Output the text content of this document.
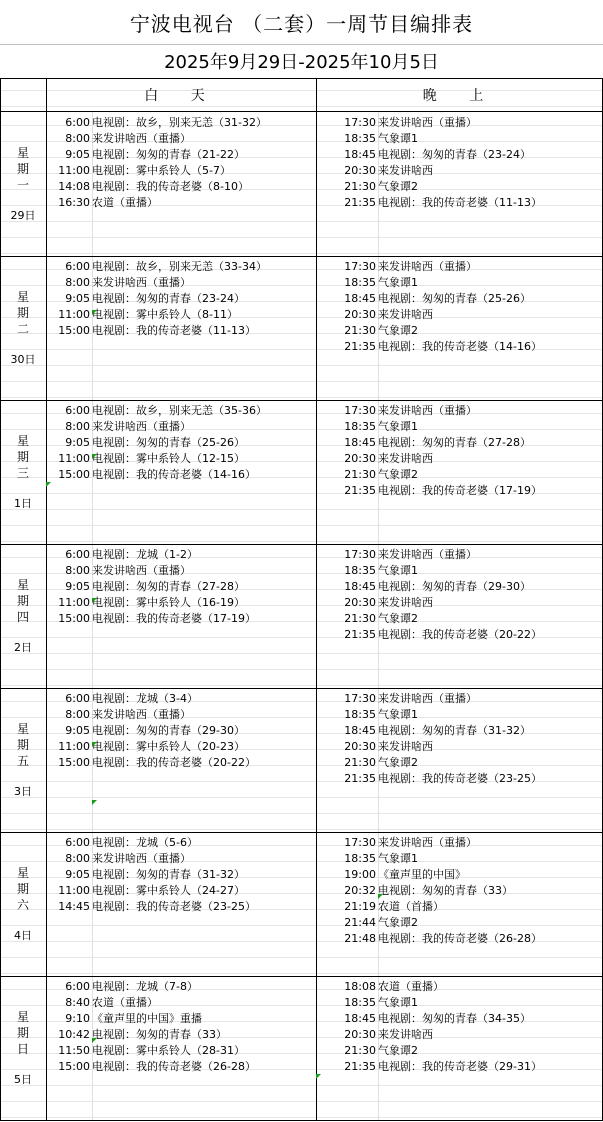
宁波电视台 （二套）一周节目编排表
2025年9月29日-2025年10月5日
白 天	晚 上
星
期
一
29日
6:00 电视剧：故乡，别来无恙（31-32）
8:00 来发讲啥西（重播）
9:05 电视剧：匆匆的青春（21-22）
11:00 电视剧：雾中系铃人（5-7）
14:08 电视剧：我的传奇老婆（8-10）
16:30 农道（重播）
17:30 来发讲啥西（重播）
18:35 气象谭1
18:45 电视剧：匆匆的青春（23-24）
20:30 来发讲啥西
21:30 气象谭2
21:35 电视剧：我的传奇老婆（11-13）
星
期
二
30日
6:00 电视剧：故乡，别来无恙（33-34）
8:00 来发讲啥西（重播）
9:05 电视剧：匆匆的青春（23-24）
11:00 电视剧：雾中系铃人（8-11）
15:00 电视剧：我的传奇老婆（11-13）
17:30 来发讲啥西（重播）
18:35 气象谭1
18:45 电视剧：匆匆的青春（25-26）
20:30 来发讲啥西
21:30 气象谭2
21:35 电视剧：我的传奇老婆（14-16）
星
期
三
1日
6:00 电视剧：故乡，别来无恙（35-36）
8:00 来发讲啥西（重播）
9:05 电视剧：匆匆的青春（25-26）
11:00 电视剧：雾中系铃人（12-15）
15:00 电视剧：我的传奇老婆（14-16）
17:30 来发讲啥西（重播）
18:35 气象谭1
18:45 电视剧：匆匆的青春（27-28）
20:30 来发讲啥西
21:30 气象谭2
21:35 电视剧：我的传奇老婆（17-19）
星
期
四
2日
6:00 电视剧：龙城（1-2）
8:00 来发讲啥西（重播）
9:05 电视剧：匆匆的青春（27-28）
11:00 电视剧：雾中系铃人（16-19）
15:00 电视剧：我的传奇老婆（17-19）
17:30 来发讲啥西（重播）
18:35 气象谭1
18:45 电视剧：匆匆的青春（29-30）
20:30 来发讲啥西
21:30 气象谭2
21:35 电视剧：我的传奇老婆（20-22）
星
期
五
3日
6:00 电视剧：龙城（3-4）
8:00 来发讲啥西（重播）
9:05 电视剧：匆匆的青春（29-30）
11:00 电视剧：雾中系铃人（20-23）
15:00 电视剧：我的传奇老婆（20-22）
17:30 来发讲啥西（重播）
18:35 气象谭1
18:45 电视剧：匆匆的青春（31-32）
20:30 来发讲啥西
21:30 气象谭2
21:35 电视剧：我的传奇老婆（23-25）
星
期
六
4日
6:00 电视剧：龙城（5-6）
8:00 来发讲啥西（重播）
9:05 电视剧：匆匆的青春（31-32）
11:00 电视剧：雾中系铃人（24-27）
14:45 电视剧：我的传奇老婆（23-25）
17:30 来发讲啥西（重播）
18:35 气象谭1
19:00 《童声里的中国》
20:32 电视剧：匆匆的青春（33）
21:19 农道（首播）
21:44 气象谭2
21:48 电视剧：我的传奇老婆（26-28）
星
期
日
5日
6:00 电视剧：龙城（7-8）
8:40 农道（重播）
9:10 《童声里的中国》重播
10:42 电视剧：匆匆的青春（33）
11:50 电视剧：雾中系铃人（28-31）
15:00 电视剧：我的传奇老婆（26-28）
18:08 农道（重播）
18:35 气象谭1
18:45 电视剧：匆匆的青春（34-35）
20:30 来发讲啥西
21:30 气象谭2
21:35 电视剧：我的传奇老婆（29-31）
